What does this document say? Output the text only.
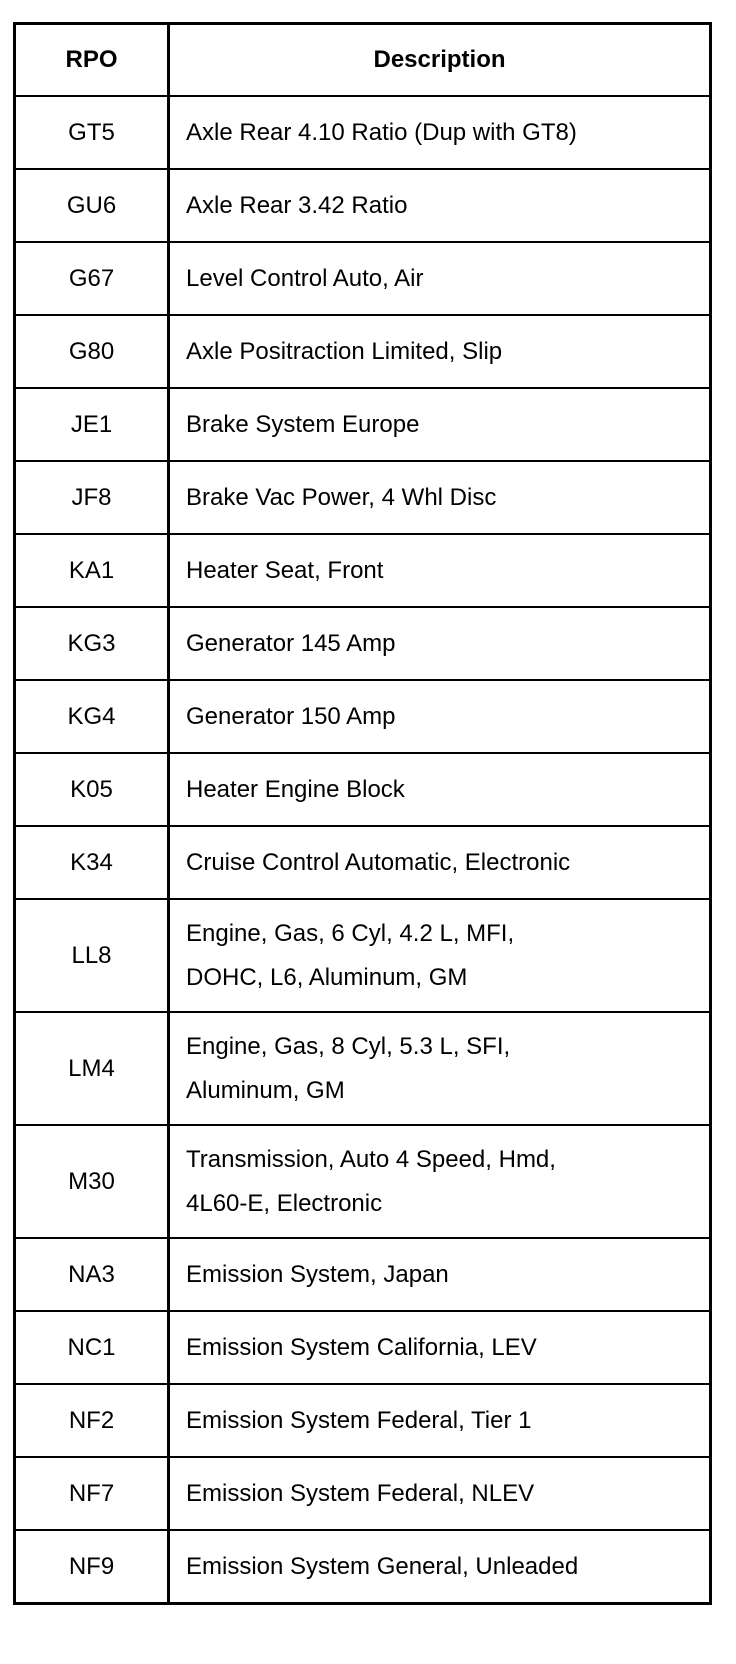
RPO	Description
GT5	Axle Rear 4.10 Ratio (Dup with GT8)
GU6	Axle Rear 3.42 Ratio
G67	Level Control Auto, Air
G80	Axle Positraction Limited, Slip
JE1	Brake System Europe
JF8	Brake Vac Power, 4 Whl Disc
KA1	Heater Seat, Front
KG3	Generator 145 Amp
KG4	Generator 150 Amp
K05	Heater Engine Block
K34	Cruise Control Automatic, Electronic
LL8	Engine, Gas, 6 Cyl, 4.2 L, MFI,
DOHC, L6, Aluminum, GM
LM4	Engine, Gas, 8 Cyl, 5.3 L, SFI,
Aluminum, GM
M30	Transmission, Auto 4 Speed, Hmd,
4L60-E, Electronic
NA3	Emission System, Japan
NC1	Emission System California, LEV
NF2	Emission System Federal, Tier 1
NF7	Emission System Federal, NLEV
NF9	Emission System General, Unleaded
